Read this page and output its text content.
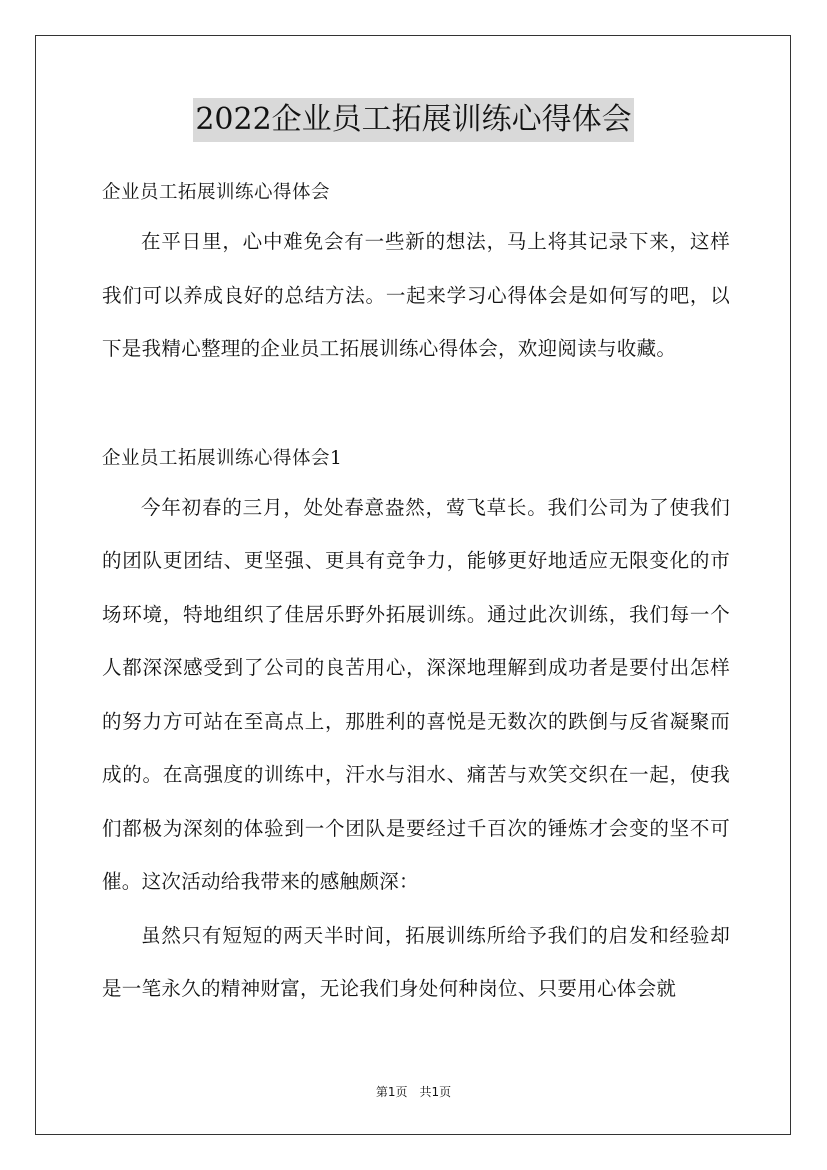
2022企业员工拓展训练心得体会

企业员工拓展训练心得体会

在平日里，心中难免会有一些新的想法，马上将其记录下来，这样我们可以养成良好的总结方法。一起来学习心得体会是如何写的吧，以下是我精心整理的企业员工拓展训练心得体会，欢迎阅读与收藏。

企业员工拓展训练心得体会1

今年初春的三月，处处春意盎然，莺飞草长。我们公司为了使我们的团队更团结、更坚强、更具有竞争力，能够更好地适应无限变化的市场环境，特地组织了佳居乐野外拓展训练。通过此次训练，我们每一个人都深深感受到了公司的良苦用心，深深地理解到成功者是要付出怎样的努力方可站在至高点上，那胜利的喜悦是无数次的跌倒与反省凝聚而成的。在高强度的训练中，汗水与泪水、痛苦与欢笑交织在一起，使我们都极为深刻的体验到一个团队是要经过千百次的锤炼才会变的坚不可催。这次活动给我带来的感触颇深：

虽然只有短短的两天半时间，拓展训练所给予我们的启发和经验却是一笔永久的精神财富，无论我们身处何种岗位、只要用心体会就

第1页　共1页
